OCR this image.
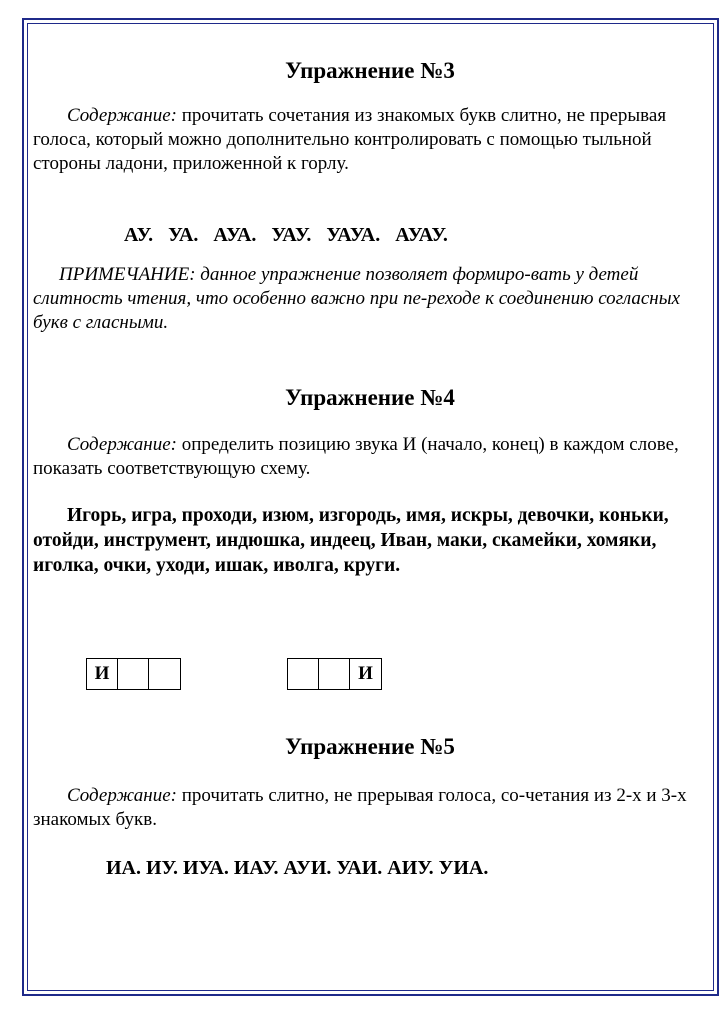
Упражнение №3

Содержание: прочитать сочетания из знакомых букв слитно, не прерывая голоса, который можно дополнительно контролировать с помощью тыльной стороны ладони, приложенной к горлу.

АУ.   УА.   АУА.   УАУ.   УАУА.   АУАУ.

ПРИМЕЧАНИЕ: данное упражнение позволяет формиро-вать у детей слитность чтения, что особенно важно при пе-реходе к соединению согласных букв с гласными.

Упражнение №4

Содержание: определить позицию звука И (начало, конец) в каждом слове, показать соответствующую схему.

Игорь, игра, проходи, изюм, изгородь, имя, искры, девочки, коньки, отойди, инструмент, индюшка, индеец, Иван, маки, скамейки, хомяки, иголка, очки, уходи, ишак, иволга, круги.

И	И
Упражнение №5

Содержание: прочитать слитно, не прерывая голоса, со-четания из 2-х и 3-х знакомых букв.

ИА. ИУ. ИУА. ИАУ. АУИ. УАИ. АИУ. УИА.
